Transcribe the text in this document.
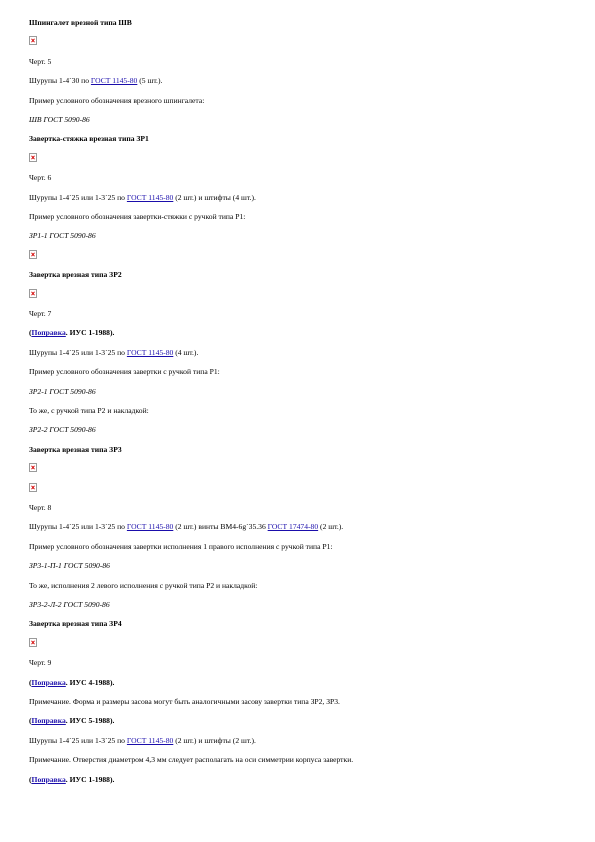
Шпингалет врезной типа ШВ
Черт. 5
Шурупы 1-4´30 по ГОСТ 1145-80 (5 шт.).
Пример условного обозначения врезного шпингалета:
ШВ ГОСТ 5090-86
Завертка-стяжка врезная типа ЗР1
Черт. 6
Шурупы 1-4´25 или 1-3´25 по ГОСТ 1145-80 (2 шт.) и штифты (4 шт.).
Пример условного обозначения завертки-стяжки с ручкой типа Р1:
ЗР1-1 ГОСТ 5090-86
Завертка врезная типа ЗР2
Черт. 7
(Поправка. ИУС 1-1988).
Шурупы 1-4´25 или 1-3´25 по ГОСТ 1145-80 (4 шт.).
Пример условного обозначения завертки с ручкой типа Р1:
ЗР2-1 ГОСТ 5090-86
То же, с ручкой типа Р2 и накладкой:
ЗР2-2 ГОСТ 5090-86
Завертка врезная типа ЗР3
Черт. 8
Шурупы 1-4´25 или 1-3´25 по ГОСТ 1145-80 (2 шт.) винты ВМ4-6g´35.36 ГОСТ 17474-80 (2 шт.).
Пример условного обозначения завертки исполнения 1 правого исполнения с ручкой типа Р1:
ЗР3-1-П-1 ГОСТ 5090-86
То же, исполнения 2 левого исполнения с ручкой типа Р2 и накладкой:
ЗР3-2-Л-2 ГОСТ 5090-86
Завертка врезная типа ЗР4
Черт. 9
(Поправка. ИУС 4-1988).
Примечание. Форма и размеры засова могут быть аналогичными засову завертки типа ЗР2, ЗР3.
(Поправка. ИУС 5-1988).
Шурупы 1-4´25 или 1-3´25 по ГОСТ 1145-80 (2 шт.) и штифты (2 шт.).
Примечание. Отверстия диаметром 4,3 мм следует располагать на оси симметрии корпуса завертки.
(Поправка. ИУС 1-1988).
